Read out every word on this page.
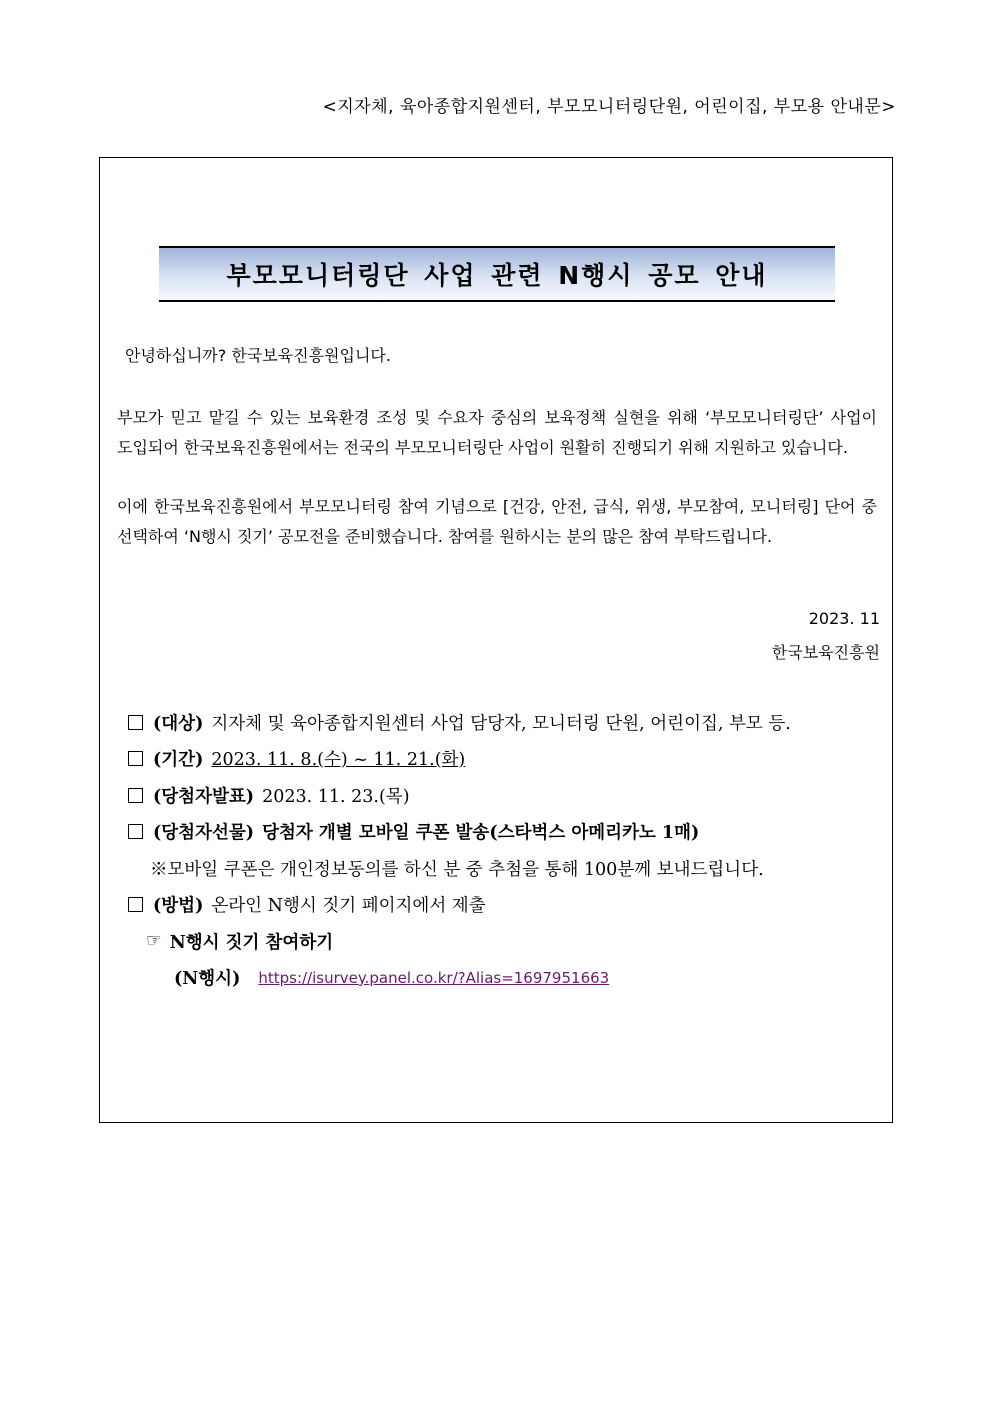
<지자체, 육아종합지원센터, 부모모니터링단원, 어린이집, 부모용 안내문>
부모모니터링단 사업 관련 N행시 공모 안내
안녕하십니까? 한국보육진흥원입니다.
부모가 믿고 맡길 수 있는 보육환경 조성 및 수요자 중심의 보육정책 실현을 위해 ‘부모모니터링단’ 사업이 도입되어 한국보육진흥원에서는 전국의 부모모니터링단 사업이 원활히 진행되기 위해 지원하고 있습니다.
이에 한국보육진흥원에서 부모모니터링 참여 기념으로 [건강, 안전, 급식, 위생, 부모참여, 모니터링] 단어 중 선택하여 ‘N행시 짓기’ 공모전을 준비했습니다. 참여를 원하시는 분의 많은 참여 부탁드립니다.
2023. 11
한국보육진흥원
(대상) 지자체 및 육아종합지원센터 사업 담당자, 모니터링 단원, 어린이집, 부모 등.
(기간) 2023. 11. 8.(수) ~ 11. 21.(화)
(당첨자발표) 2023. 11. 23.(목)
(당첨자선물) 당첨자 개별 모바일 쿠폰 발송(스타벅스 아메리카노 1매)
※모바일 쿠폰은 개인정보동의를 하신 분 중 추첨을 통해 100분께 보내드립니다.
(방법) 온라인 N행시 짓기 페이지에서 제출
☞ N행시 짓기 참여하기
(N행시) https://isurvey.panel.co.kr/?Alias=1697951663
